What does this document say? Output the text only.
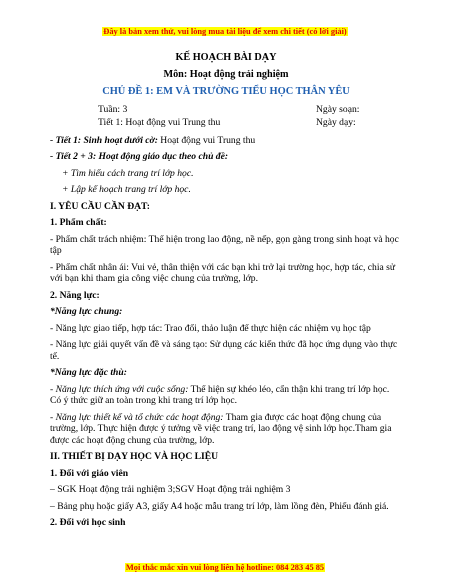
Đây là bản xem thử, vui lòng mua tài liệu để xem chi tiết (có lời giải)
KẾ HOẠCH BÀI DẠY
Môn: Hoạt động trải nghiệm
CHỦ ĐỀ 1: EM VÀ TRƯỜNG TIỂU HỌC THÂN YÊU
Tuần: 3	Ngày soạn:
Tiết 1: Hoạt động vui Trung thu	Ngày dạy:

- Tiết 1: Sinh hoạt dưới cờ: Hoạt động vui Trung thu

- Tiết 2 + 3: Hoạt động giáo dục theo chủ đề:

+ Tìm hiểu cách trang trí lớp học.

+ Lập kế hoạch trang trí lớp học.

I. YÊU CẦU CẦN ĐẠT:

1. Phẩm chất:

- Phẩm chất trách nhiệm: Thể hiện trong lao động, nề nếp, gọn gàng trong sinh hoạt và học tập

- Phẩm chất nhân ái: Vui vẻ, thân thiện với các bạn khi trở lại trường học, hợp tác, chia sử với bạn khi tham gia công việc chung của trường, lớp.

2. Năng lực:

*Năng lực chung:

- Năng lực giao tiếp, hợp tác: Trao đổi, thảo luận để thực hiện các nhiệm vụ học tập

- Năng lực giải quyết vấn đề và sáng tạo: Sử dụng các kiến thức đã học ứng dụng vào thực tế.

*Năng lực đặc thù:

- Năng lực thích ứng với cuộc sống: Thể hiện sự khéo léo, cẩn thận khi trang trí lớp học. Có ý thức giữ an toàn trong khi trang trí lớp học.

- Năng lực thiết kế và tổ chức các hoạt động: Tham gia được các hoạt động chung của trường, lớp. Thực hiện được ý tưởng về việc trang trí, lao động vệ sinh lớp học.Tham gia được các hoạt động chung của trường, lớp.

II. THIẾT BỊ DẠY HỌC VÀ HỌC LIỆU

1. Đối với giáo viên

– SGK Hoạt động trải nghiệm 3;SGV Hoạt động trải nghiệm 3

– Bảng phụ hoặc giấy A3, giấy A4 hoặc mẫu trang trí lớp, làm lồng đèn, Phiếu đánh giá.

2. Đối với học sinh

Mọi thắc mắc xin vui lòng liên hệ hotline: 084 283 45 85
